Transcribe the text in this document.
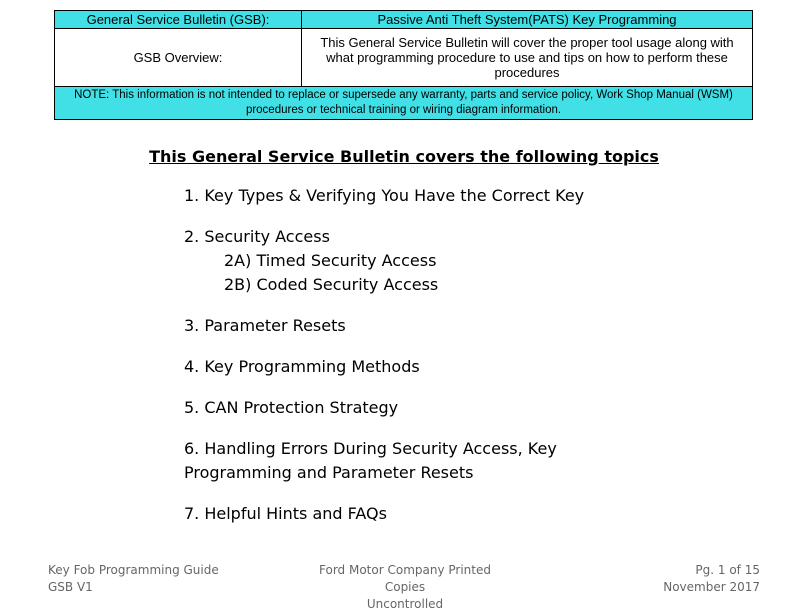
General Service Bulletin (GSB):	Passive Anti Theft System(PATS) Key Programming
GSB Overview:	This General Service Bulletin will cover the proper tool usage along with what programming procedure to use and tips on how to perform these procedures
NOTE: This information is not intended to replace or supersede any warranty, parts and service policy, Work Shop Manual (WSM) procedures or technical training or wiring diagram information.	
This General Service Bulletin covers the following topics

1. Key Types & Verifying You Have the Correct Key

2. Security Access

2A) Timed Security Access

2B) Coded Security Access

3. Parameter Resets

4. Key Programming Methods

5. CAN Protection Strategy

6. Handling Errors During Security Access, Key Programming and Parameter Resets

7. Helpful Hints and FAQs

Key Fob Programming Guide
GSB V1
Ford Motor Company Printed Copies
Uncontrolled
Pg. 1 of 15
November 2017
